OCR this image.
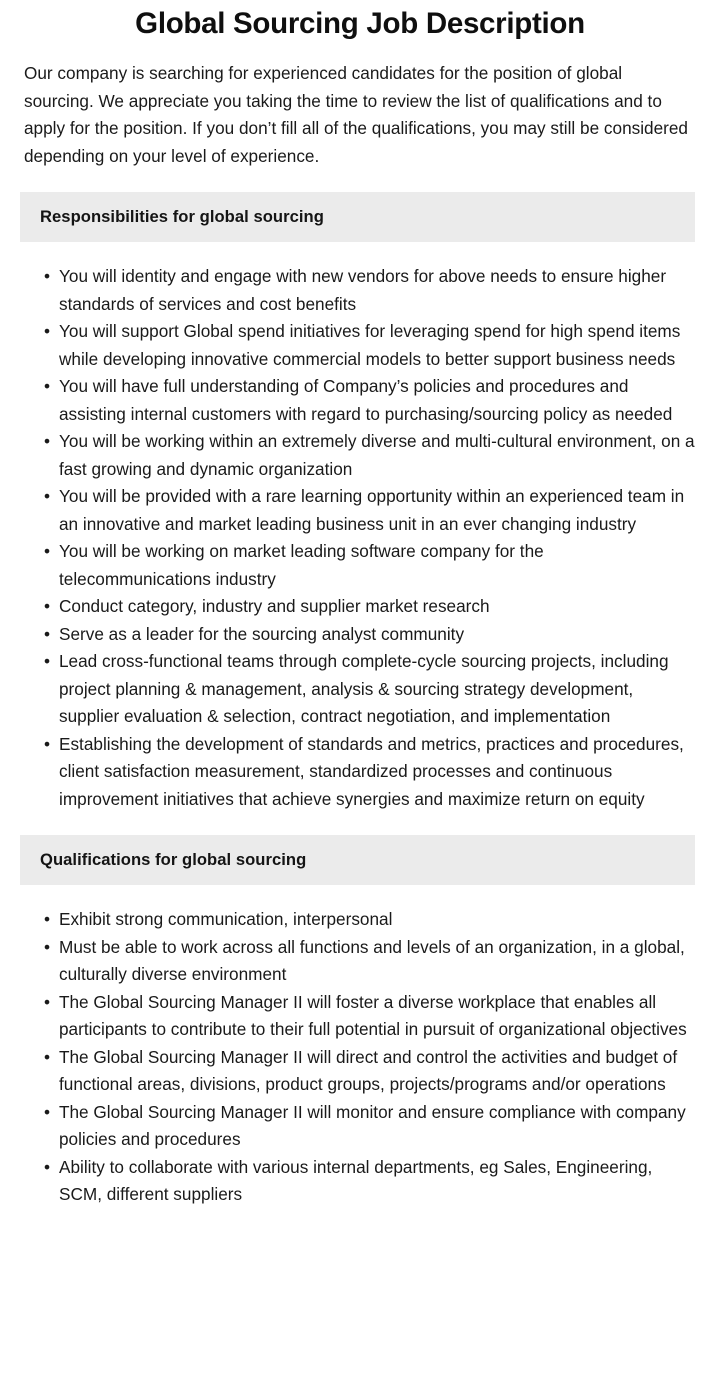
Global Sourcing Job Description

Our company is searching for experienced candidates for the position of global sourcing. We appreciate you taking the time to review the list of qualifications and to apply for the position. If you don’t fill all of the qualifications, you may still be considered depending on your level of experience.

Responsibilities for global sourcing
• You will identity and engage with new vendors for above needs to ensure higher standards of services and cost benefits
• You will support Global spend initiatives for leveraging spend for high spend items while developing innovative commercial models to better support business needs
• You will have full understanding of Company’s policies and procedures and assisting internal customers with regard to purchasing/sourcing policy as needed
• You will be working within an extremely diverse and multi-cultural environment, on a fast growing and dynamic organization
• You will be provided with a rare learning opportunity within an experienced team in an innovative and market leading business unit in an ever changing industry
• You will be working on market leading software company for the telecommunications industry
• Conduct category, industry and supplier market research
• Serve as a leader for the sourcing analyst community
• Lead cross-functional teams through complete-cycle sourcing projects, including project planning & management, analysis & sourcing strategy development, supplier evaluation & selection, contract negotiation, and implementation
• Establishing the development of standards and metrics, practices and procedures, client satisfaction measurement, standardized processes and continuous improvement initiatives that achieve synergies and maximize return on equity
Qualifications for global sourcing
• Exhibit strong communication, interpersonal
• Must be able to work across all functions and levels of an organization, in a global, culturally diverse environment
• The Global Sourcing Manager II will foster a diverse workplace that enables all participants to contribute to their full potential in pursuit of organizational objectives
• The Global Sourcing Manager II will direct and control the activities and budget of functional areas, divisions, product groups, projects/programs and/or operations
• The Global Sourcing Manager II will monitor and ensure compliance with company policies and procedures
• Ability to collaborate with various internal departments, eg Sales, Engineering, SCM, different suppliers
